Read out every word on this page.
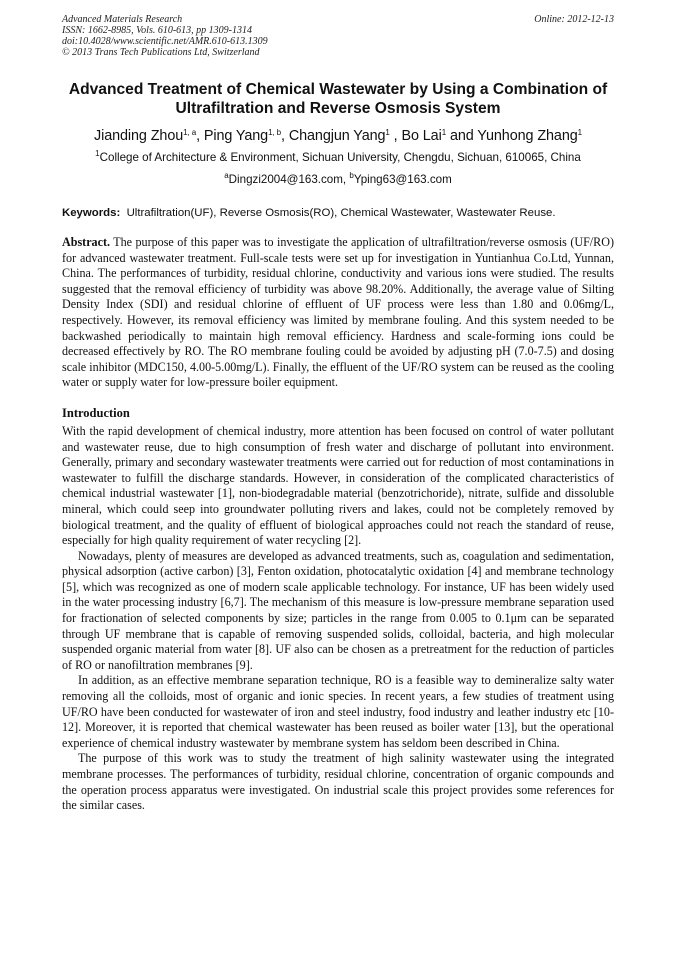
Advanced Materials Research
ISSN: 1662-8985, Vols. 610-613, pp 1309-1314
doi:10.4028/www.scientific.net/AMR.610-613.1309
© 2013 Trans Tech Publications Ltd, Switzerland
Online: 2012-12-13
Advanced Treatment of Chemical Wastewater by Using a Combination of
Ultrafiltration and Reverse Osmosis System
Jianding Zhou$^{1, a}$, Ping Yang$^{1, b}$, Changjun Yang$^1$ , Bo Lai$^1$ and Yunhong Zhang$^1$
$^1$College of Architecture & Environment, Sichuan University, Chengdu, Sichuan, 610065, China
$^a$Dingzi2004@163.com, $^b$Yping63@163.com
Keywords: Ultrafiltration(UF), Reverse Osmosis(RO), Chemical Wastewater, Wastewater Reuse.
Abstract. The purpose of this paper was to investigate the application of ultrafiltration/reverse osmosis (UF/RO) for advanced wastewater treatment. Full-scale tests were set up for investigation in Yuntianhua Co.Ltd, Yunnan, China. The performances of turbidity, residual chlorine, conductivity and various ions were studied. The results suggested that the removal efficiency of turbidity was above 98.20%. Additionally, the average value of Silting Density Index (SDI) and residual chlorine of effluent of UF process were less than 1.80 and 0.06mg/L, respectively. However, its removal efficiency was limited by membrane fouling. And this system needed to be backwashed periodically to maintain high removal efficiency. Hardness and scale-forming ions could be decreased effectively by RO. The RO membrane fouling could be avoided by adjusting pH (7.0-7.5) and dosing scale inhibitor (MDC150, 4.00-5.00mg/L). Finally, the effluent of the UF/RO system can be reused as the cooling water or supply water for low-pressure boiler equipment.
Introduction

With the rapid development of chemical industry, more attention has been focused on control of water pollutant and wastewater reuse, due to high consumption of fresh water and discharge of pollutant into environment. Generally, primary and secondary wastewater treatments were carried out for reduction of most contaminations in wastewater to fulfill the discharge standards. However, in consideration of the complicated characteristics of chemical industrial wastewater [1], non-biodegradable material (benzotrichoride), nitrate, sulfide and dissoluble mineral, which could seep into groundwater polluting rivers and lakes, could not be completely removed by biological treatment, and the quality of effluent of biological approaches could not reach the standard of reuse, especially for high quality requirement of water recycling [2].

Nowadays, plenty of measures are developed as advanced treatments, such as, coagulation and sedimentation, physical adsorption (active carbon) [3], Fenton oxidation, photocatalytic oxidation [4] and membrane technology [5], which was recognized as one of modern scale applicable technology. For instance, UF has been widely used in the water processing industry [6,7]. The mechanism of this measure is low-pressure membrane separation used for fractionation of selected components by size; particles in the range from 0.005 to 0.1μm can be separated through UF membrane that is capable of removing suspended solids, colloidal, bacteria, and high molecular suspended organic material from water [8]. UF also can be chosen as a pretreatment for the reduction of particles of RO or nanofiltration membranes [9].

In addition, as an effective membrane separation technique, RO is a feasible way to demineralize salty water removing all the colloids, most of organic and ionic species. In recent years, a few studies of treatment using UF/RO have been conducted for wastewater of iron and steel industry, food industry and leather industry etc [10-12]. Moreover, it is reported that chemical wastewater has been reused as boiler water [13], but the operational experience of chemical industry wastewater by membrane system has seldom been described in China.

The purpose of this work was to study the treatment of high salinity wastewater using the integrated membrane processes. The performances of turbidity, residual chlorine, concentration of organic compounds and the operation process apparatus were investigated. On industrial scale this project provides some references for the similar cases.
